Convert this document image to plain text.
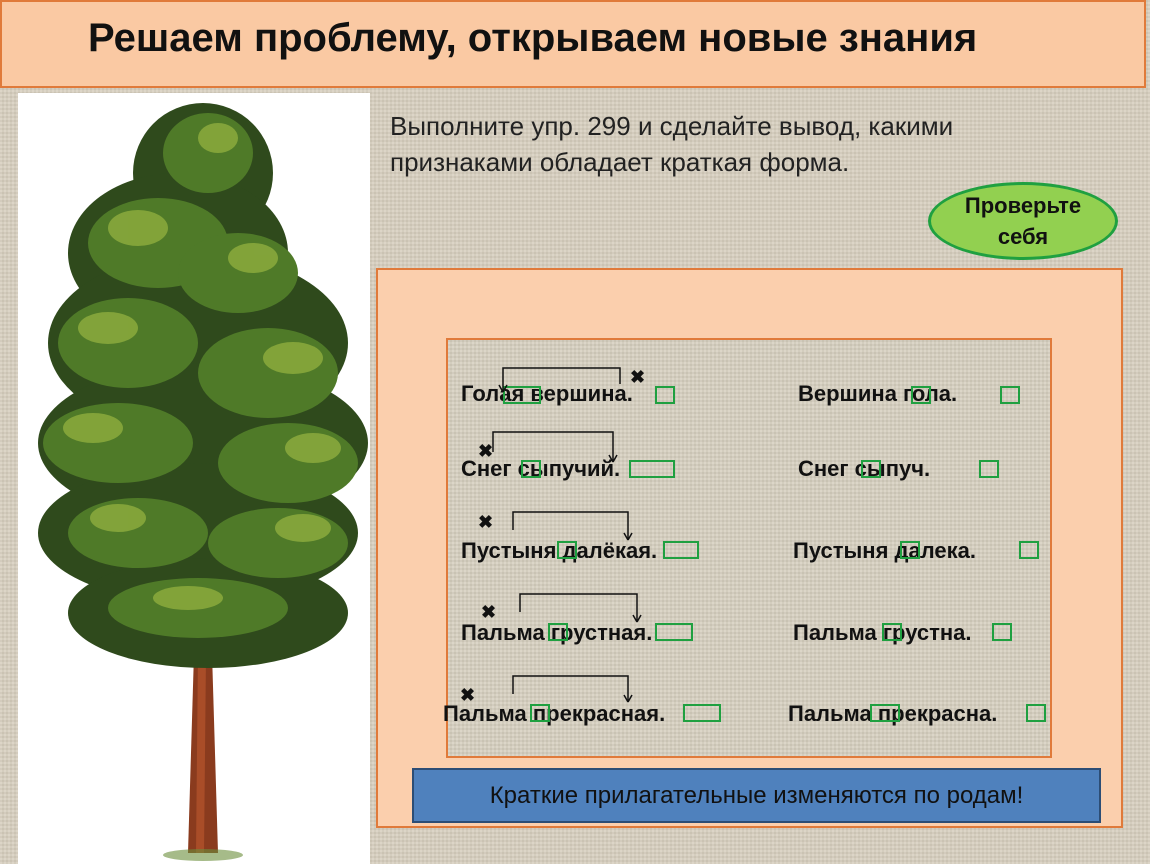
Решаем проблему, открываем новые знания
Выполните упр. 299 и сделайте вывод, какими признаками обладает краткая форма.
Проверьте себя
Голая вершина.
Снег сыпучий.
Пустыня далёкая.
Пальма грустная.
Пальма прекрасная.
Вершина гола.
Снег сыпуч.
Пустыня далека.
Пальма грустна.
Пальма прекрасна.
✖
✖
✖
✖
✖
Краткие прилагательные изменяются по родам!
